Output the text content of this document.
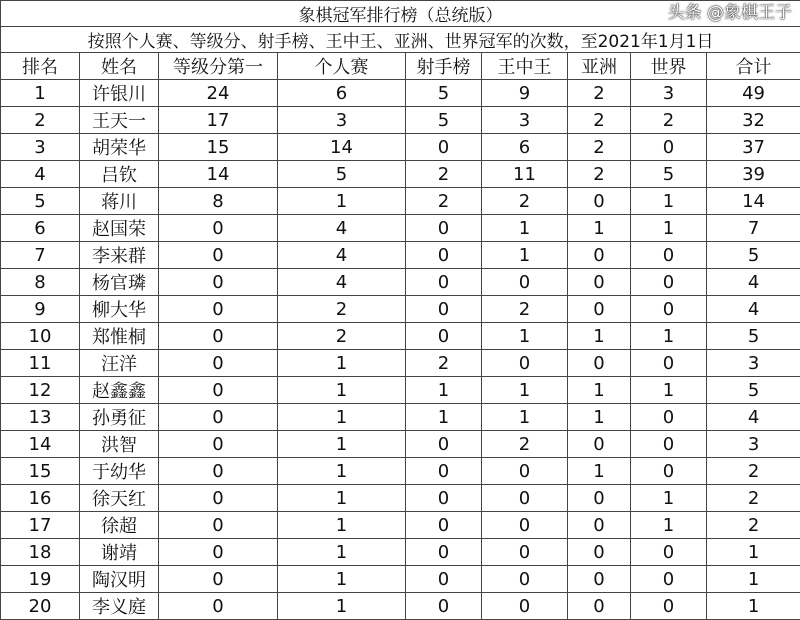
象棋冠军排行榜（总统版）								
按照个人赛、等级分、射手榜、王中王、亚洲、世界冠军的次数，至2021年1月1日								
排名	姓名	等级分第一	个人赛	射手榜	王中王	亚洲	世界	合计
1	许银川	24	6	5	9	2	3	49
2	王天一	17	3	5	3	2	2	32
3	胡荣华	15	14	0	6	2	0	37
4	吕钦	14	5	2	11	2	5	39
5	蒋川	8	1	2	2	0	1	14
6	赵国荣	0	4	0	1	1	1	7
7	李来群	0	4	0	1	0	0	5
8	杨官璘	0	4	0	0	0	0	4
9	柳大华	0	2	0	2	0	0	4
10	郑惟桐	0	2	0	1	1	1	5
11	汪洋	0	1	2	0	0	0	3
12	赵鑫鑫	0	1	1	1	1	1	5
13	孙勇征	0	1	1	1	1	0	4
14	洪智	0	1	0	2	0	0	3
15	于幼华	0	1	0	0	1	0	2
16	徐天红	0	1	0	0	0	1	2
17	徐超	0	1	0	0	0	1	2
18	谢靖	0	1	0	0	0	0	1
19	陶汉明	0	1	0	0	0	0	1
20	李义庭	0	1	0	0	0	0	1
头条 @象棋王子
